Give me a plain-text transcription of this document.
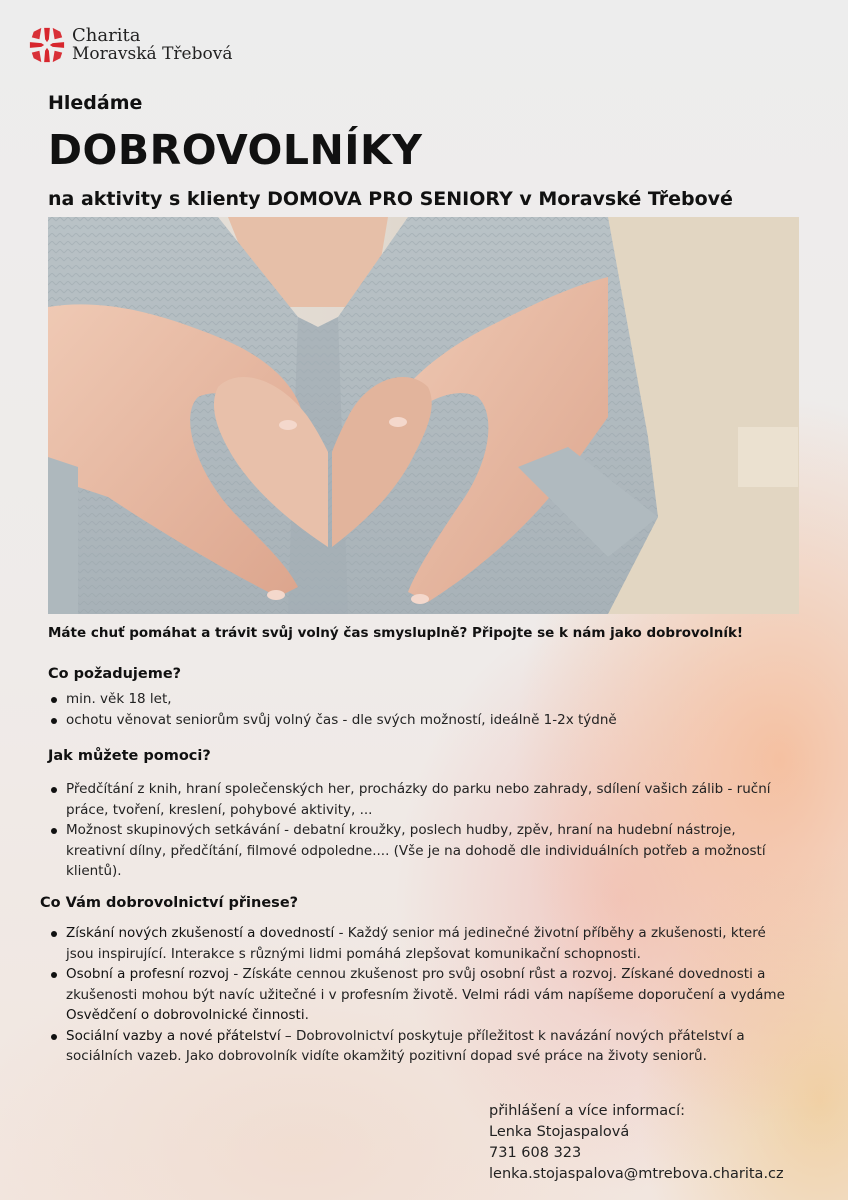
Charita
Moravská Třebová
Hledáme
DOBROVOLNÍKY
na aktivity s klienty DOMOVA PRO SENIORY v Moravské Třebové
Máte chuť pomáhat a trávit svůj volný čas smysluplně? Připojte se k nám jako dobrovolník!
Co požadujeme?
min. věk 18 let,
ochotu věnovat seniorům svůj volný čas - dle svých možností, ideálně 1-2x týdně
Jak můžete pomoci?
Předčítání z knih, hraní společenských her, procházky do parku nebo zahrady, sdílení vašich zálib - ruční práce, tvoření, kreslení, pohybové aktivity, ...
Možnost skupinových setkávání - debatní kroužky, poslech hudby, zpěv, hraní na hudební nástroje, kreativní dílny, předčítání, filmové odpoledne.... (Vše je na dohodě dle individuálních potřeb a možností klientů).
Co Vám dobrovolnictví přinese?
Získání nových zkušeností a dovedností - Každý senior má jedinečné životní příběhy a zkušenosti, které jsou inspirující. Interakce s různými lidmi pomáhá zlepšovat komunikační schopnosti.
Osobní a profesní rozvoj - Získáte cennou zkušenost pro svůj osobní růst a rozvoj. Získané dovednosti a zkušenosti mohou být navíc užitečné i v profesním životě. Velmi rádi vám napíšeme doporučení a vydáme Osvědčení o dobrovolnické činnosti.
Sociální vazby a nové přátelství – Dobrovolnictví poskytuje příležitost k navázání nových přátelství a sociálních vazeb. Jako dobrovolník vidíte okamžitý pozitivní dopad své práce na životy seniorů.
přihlášení a více informací:
Lenka Stojaspalová
731 608 323
lenka.stojaspalova@mtrebova.charita.cz
